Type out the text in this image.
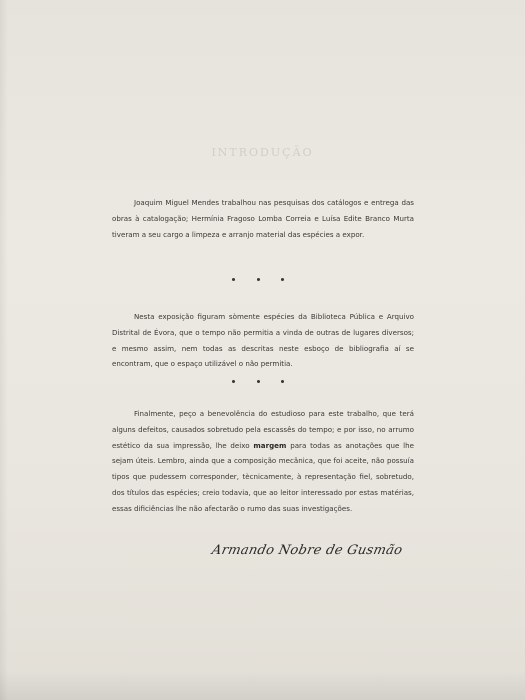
INTRODUÇÃO
Joaquim Miguel Mendes trabalhou nas pesquisas dos catálogos e entrega das obras à catalogação; Hermínia Fragoso Lomba Correia e Luísa Edite Branco Murta tiveram a seu cargo a limpeza e arranjo material das espécies a expor.
Nesta exposição figuram sòmente espécies da Biblioteca Pública e Arquivo Distrital de Évora, que o tempo não permitia a vinda de outras de lugares diversos; e mesmo assim, nem todas as descritas neste esboço de bibliografia aí se encontram, que o espaço utilizável o não permitia.
Finalmente, peço a benevolência do estudioso para este trabalho, que terá alguns defeitos, causados sobretudo pela escassês do tempo; e por isso, no arrumo estético da sua impressão, lhe deixo margem para todas as anotações que lhe sejam úteis. Lembro, ainda que a composição mecânica, que foi aceite, não possuía tipos que pudessem corresponder, tècnicamente, à representação fiel, sobretudo, dos títulos das espécies; creio todavia, que ao leitor interessado por estas matérias, essas dificiências lhe não afectarão o rumo das suas investigações.
Armando Nobre de Gusmão
